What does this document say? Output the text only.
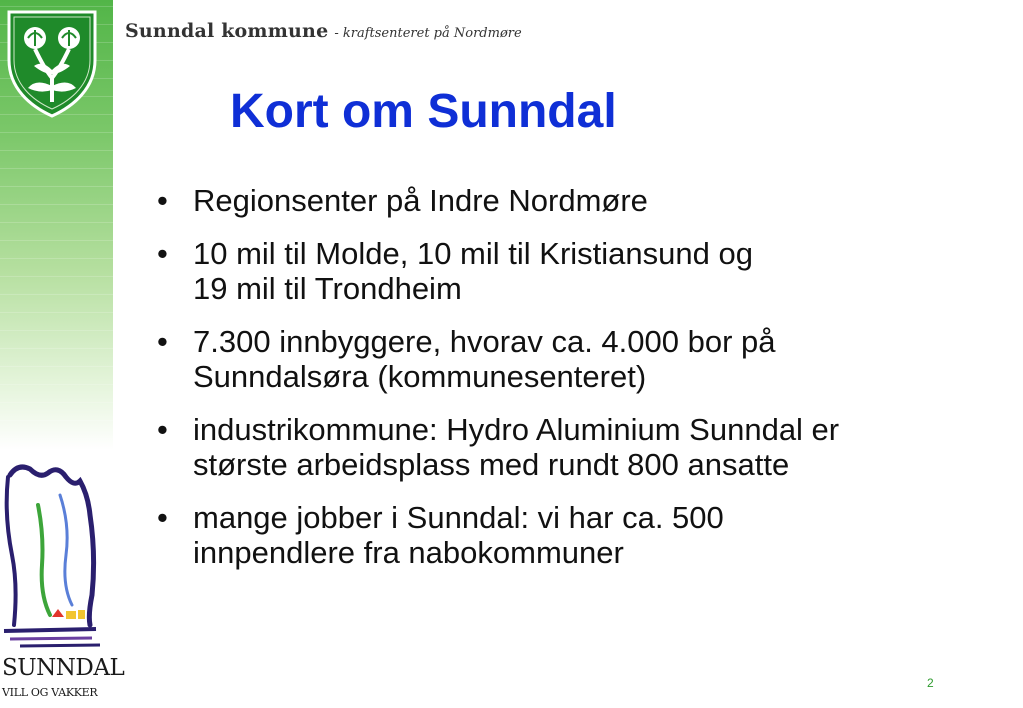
Sunndal kommune - kraftsenteret på Nordmøre
Kort om Sunndal
• Regionsenter på Indre Nordmøre
• 10 mil til Molde, 10 mil til Kristiansund og
19 mil til Trondheim
• 7.300 innbyggere, hvorav ca. 4.000 bor på
Sunndalsøra (kommunesenteret)
• industrikommune: Hydro Aluminium Sunndal er
største arbeidsplass med rundt 800 ansatte
• mange jobber i Sunndal: vi har ca. 500
innpendlere fra nabokommuner
SUNNDAL
VILL OG VAKKER
2
